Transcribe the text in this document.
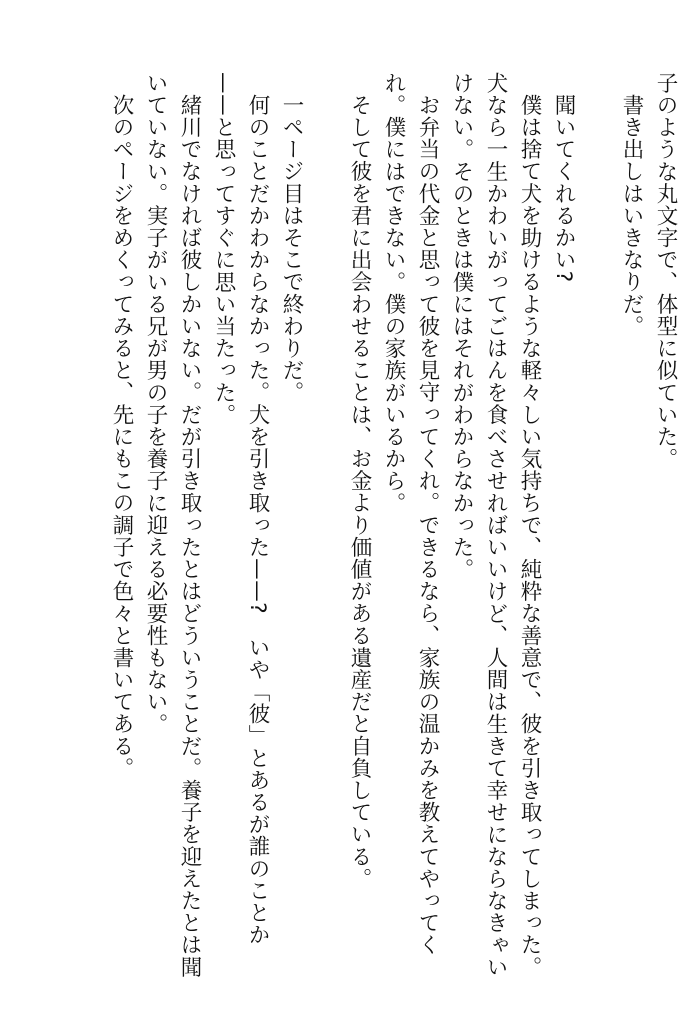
子のような丸文字で、体型に似ていた。

書き出しはいきなりだ。

聞いてくれるかい?

僕は捨て犬を助けるような軽々しい気持ちで、純粋な善意で、彼を引き取ってしまった。犬なら一生かわいがってごはんを食べさせればいいけど、人間は生きて幸せにならなきゃいけない。そのときは僕にはそれがわからなかった。

お弁当の代金と思って彼を見守ってくれ。できるなら、家族の温かみを教えてやってくれ。僕にはできない。僕の家族がいるから。

そして彼を君に出会わせることは、お金より価値がある遺産だと自負している。

一ページ目はそこで終わりだ。

何のことだかわからなかった。犬を引き取った——?　いや「彼」とあるが誰のことか——と思ってすぐに思い当たった。

緒川でなければ彼しかいない。だが引き取ったとはどういうことだ。養子を迎えたとは聞いていない。実子がいる兄が男の子を養子に迎える必要性もない。

次のページをめくってみると、先にもこの調子で色々と書いてある。
